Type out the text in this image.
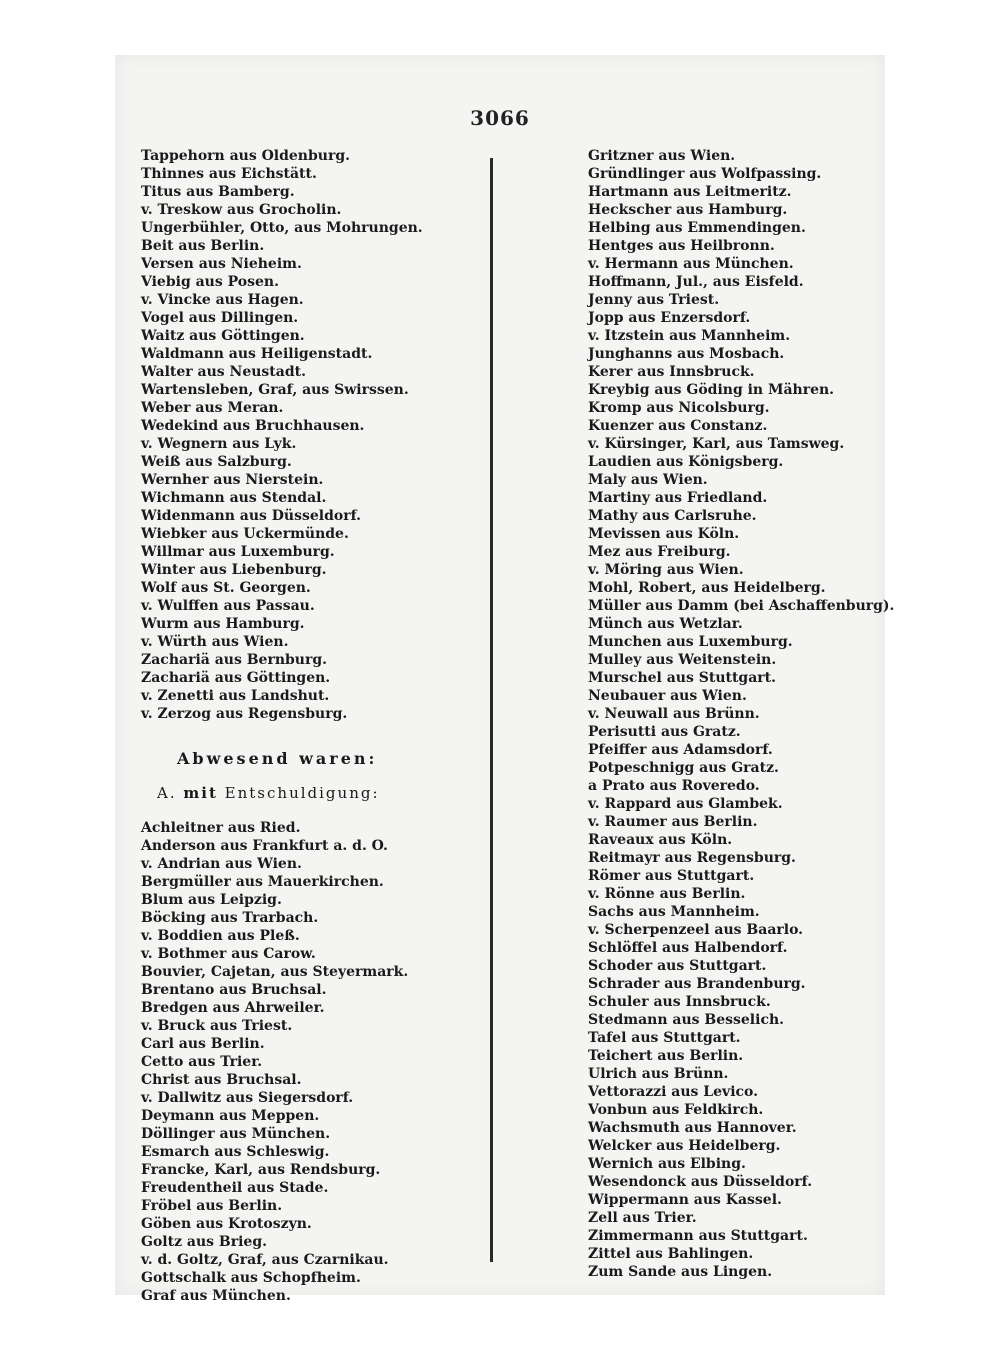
3066
Tappehorn aus Oldenburg.
Thinnes aus Eichstätt.
Titus aus Bamberg.
v. Treskow aus Grocholin.
Ungerbühler, Otto, aus Mohrungen.
Beit aus Berlin.
Versen aus Nieheim.
Viebig aus Posen.
v. Vincke aus Hagen.
Vogel aus Dillingen.
Waitz aus Göttingen.
Waldmann aus Heiligenstadt.
Walter aus Neustadt.
Wartensleben, Graf, aus Swirssen.
Weber aus Meran.
Wedekind aus Bruchhausen.
v. Wegnern aus Lyk.
Weiß aus Salzburg.
Wernher aus Nierstein.
Wichmann aus Stendal.
Widenmann aus Düsseldorf.
Wiebker aus Uckermünde.
Willmar aus Luxemburg.
Winter aus Liebenburg.
Wolf aus St. Georgen.
v. Wulffen aus Passau.
Wurm aus Hamburg.
v. Würth aus Wien.
Zachariä aus Bernburg.
Zachariä aus Göttingen.
v. Zenetti aus Landshut.
v. Zerzog aus Regensburg.
Abwesend waren:
A. mit Entschuldigung:
Achleitner aus Ried.
Anderson aus Frankfurt a. d. O.
v. Andrian aus Wien.
Bergmüller aus Mauerkirchen.
Blum aus Leipzig.
Böcking aus Trarbach.
v. Boddien aus Pleß.
v. Bothmer aus Carow.
Bouvier, Cajetan, aus Steyermark.
Brentano aus Bruchsal.
Bredgen aus Ahrweiler.
v. Bruck aus Triest.
Carl aus Berlin.
Cetto aus Trier.
Christ aus Bruchsal.
v. Dallwitz aus Siegersdorf.
Deymann aus Meppen.
Döllinger aus München.
Esmarch aus Schleswig.
Francke, Karl, aus Rendsburg.
Freudentheil aus Stade.
Fröbel aus Berlin.
Göben aus Krotoszyn.
Goltz aus Brieg.
v. d. Goltz, Graf, aus Czarnikau.
Gottschalk aus Schopfheim.
Graf aus München.
Gritzner aus Wien.
Gründlinger aus Wolfpassing.
Hartmann aus Leitmeritz.
Heckscher aus Hamburg.
Helbing aus Emmendingen.
Hentges aus Heilbronn.
v. Hermann aus München.
Hoffmann, Jul., aus Eisfeld.
Jenny aus Triest.
Jopp aus Enzersdorf.
v. Itzstein aus Mannheim.
Junghanns aus Mosbach.
Kerer aus Innsbruck.
Kreybig aus Göding in Mähren.
Kromp aus Nicolsburg.
Kuenzer aus Constanz.
v. Kürsinger, Karl, aus Tamsweg.
Laudien aus Königsberg.
Maly aus Wien.
Martiny aus Friedland.
Mathy aus Carlsruhe.
Mevissen aus Köln.
Mez aus Freiburg.
v. Möring aus Wien.
Mohl, Robert, aus Heidelberg.
Müller aus Damm (bei Aschaffenburg).
Münch aus Wetzlar.
Munchen aus Luxemburg.
Mulley aus Weitenstein.
Murschel aus Stuttgart.
Neubauer aus Wien.
v. Neuwall aus Brünn.
Perisutti aus Gratz.
Pfeiffer aus Adamsdorf.
Potpeschnigg aus Gratz.
a Prato aus Roveredo.
v. Rappard aus Glambek.
v. Raumer aus Berlin.
Raveaux aus Köln.
Reitmayr aus Regensburg.
Römer aus Stuttgart.
v. Rönne aus Berlin.
Sachs aus Mannheim.
v. Scherpenzeel aus Baarlo.
Schlöffel aus Halbendorf.
Schoder aus Stuttgart.
Schrader aus Brandenburg.
Schuler aus Innsbruck.
Stedmann aus Besselich.
Tafel aus Stuttgart.
Teichert aus Berlin.
Ulrich aus Brünn.
Vettorazzi aus Levico.
Vonbun aus Feldkirch.
Wachsmuth aus Hannover.
Welcker aus Heidelberg.
Wernich aus Elbing.
Wesendonck aus Düsseldorf.
Wippermann aus Kassel.
Zell aus Trier.
Zimmermann aus Stuttgart.
Zittel aus Bahlingen.
Zum Sande aus Lingen.
